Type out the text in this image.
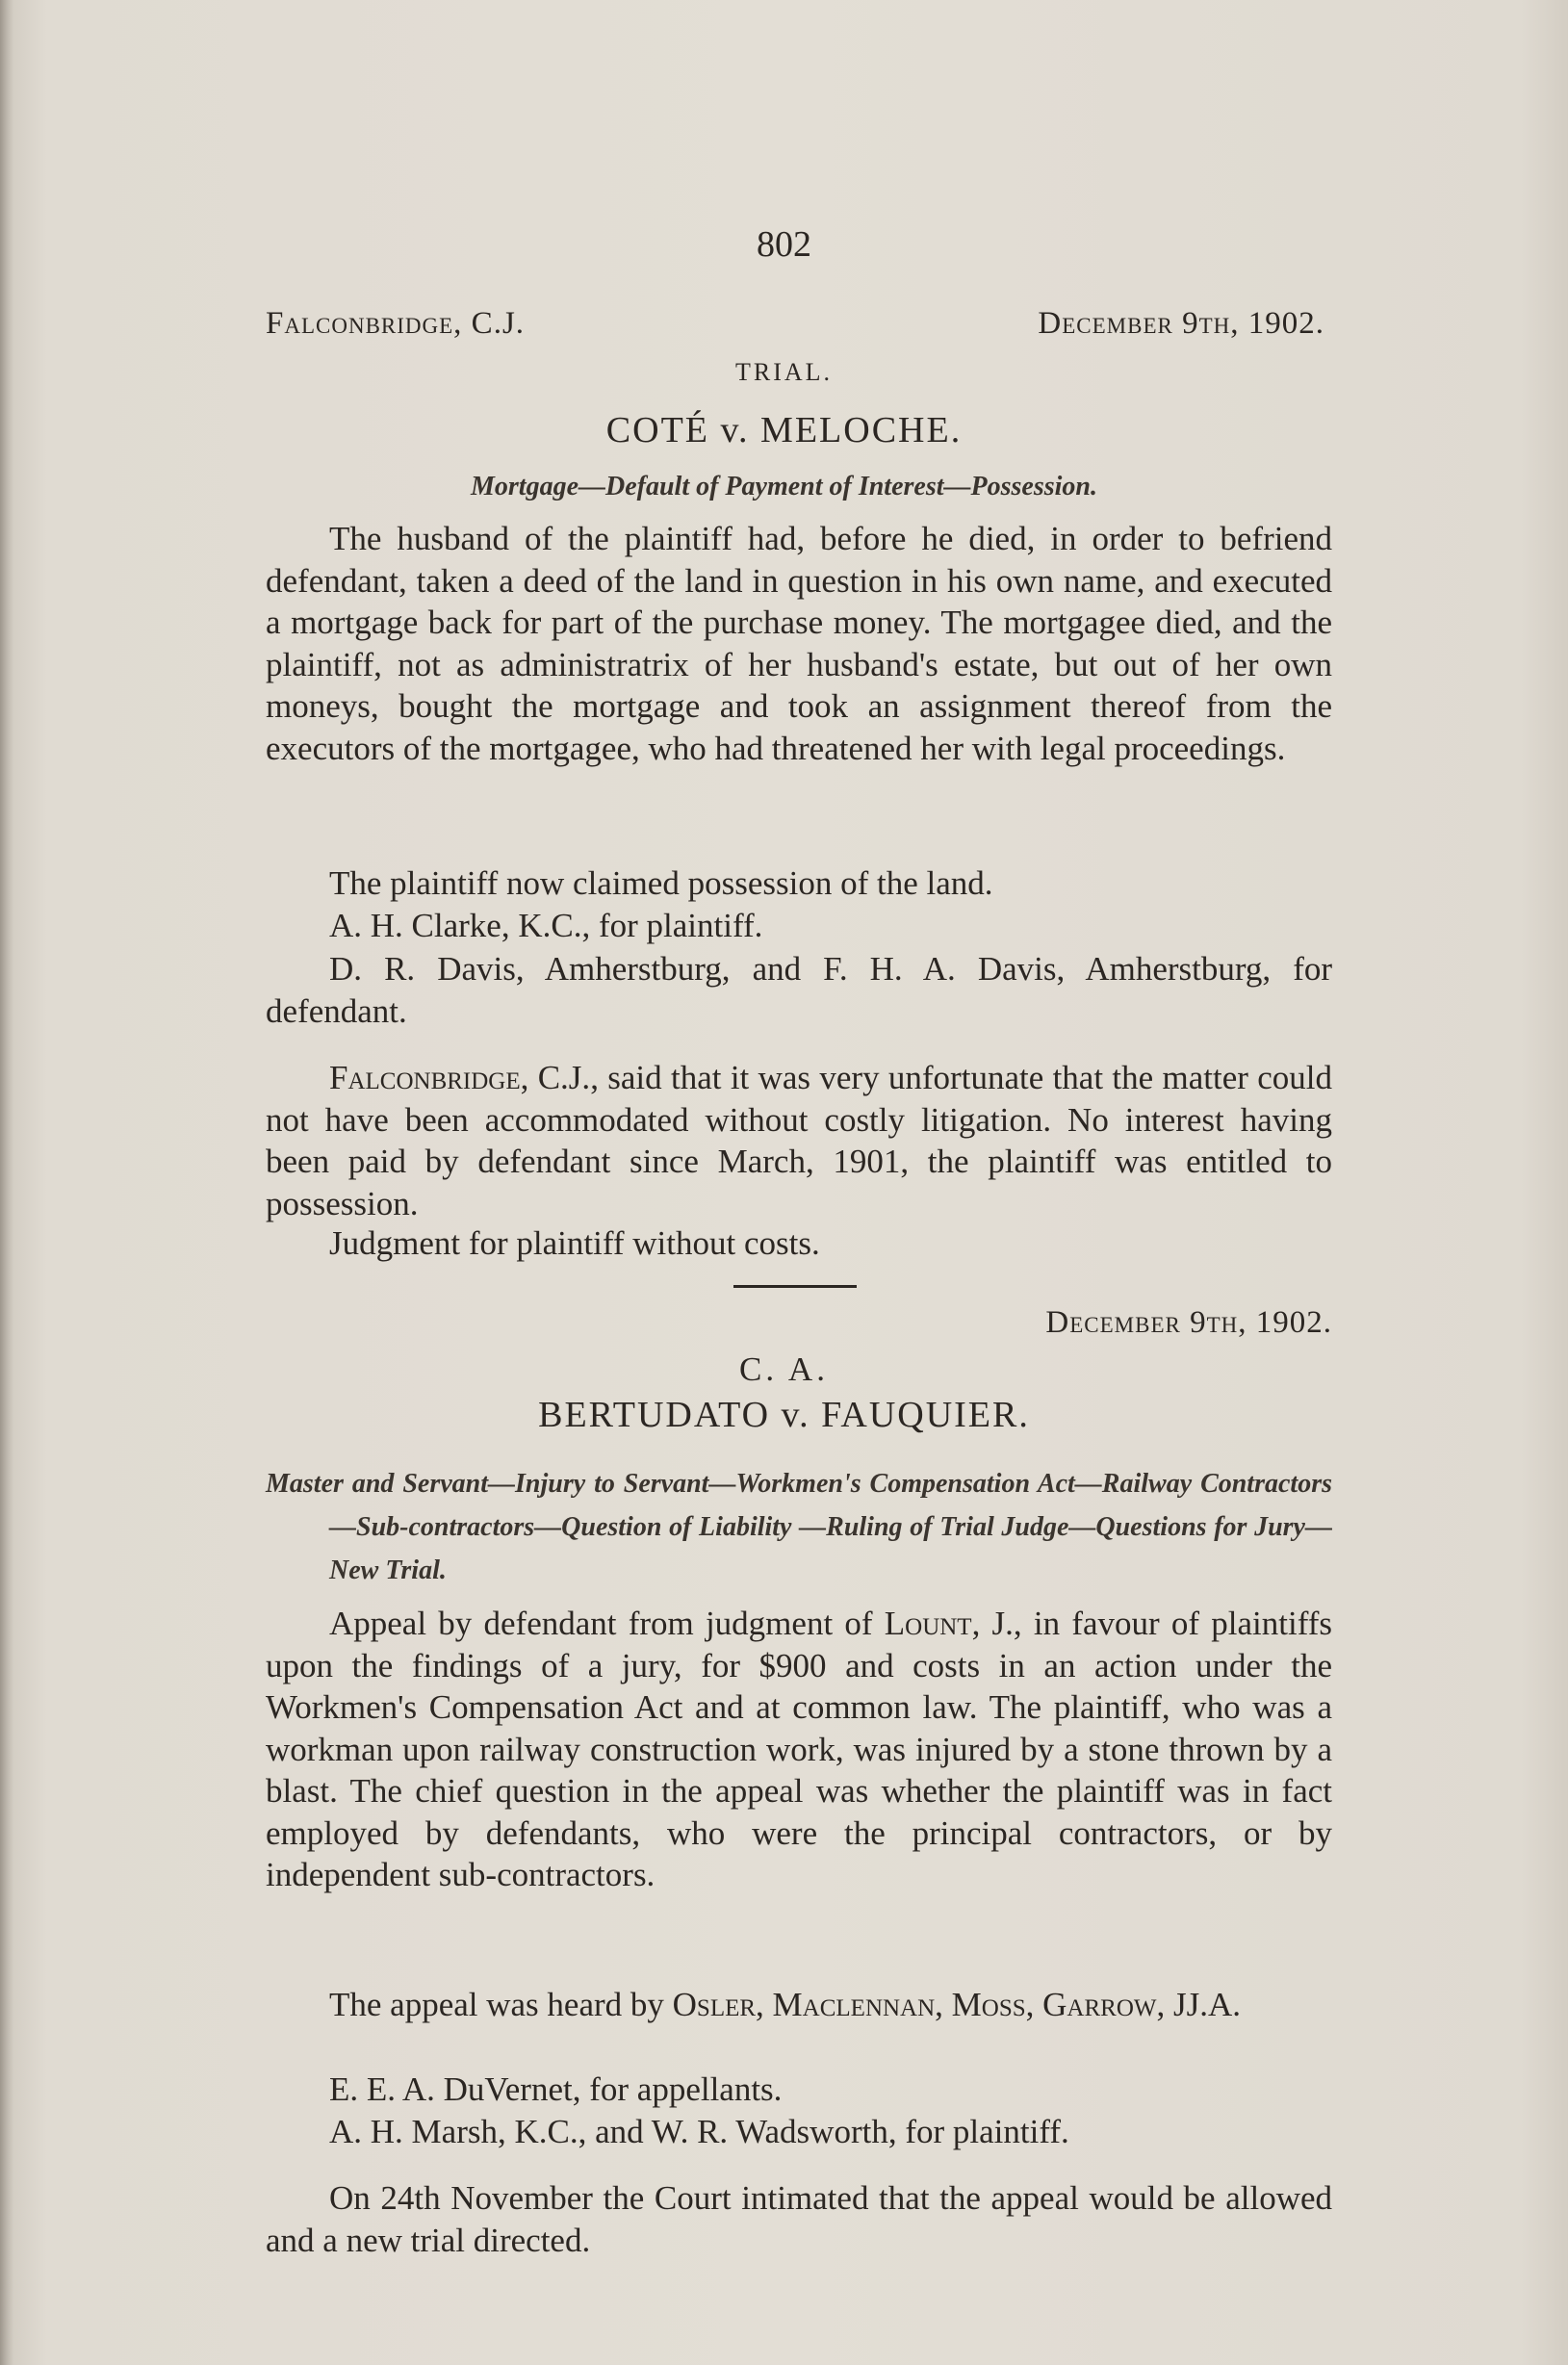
802
Falconbridge, C.J.	December 9th, 1902.
TRIAL.
COTÉ v. MELOCHE.
Mortgage—Default of Payment of Interest—Possession.

The husband of the plaintiff had, before he died, in order to befriend defendant, taken a deed of the land in question in his own name, and executed a mortgage back for part of the purchase money. The mortgagee died, and the plaintiff, not as administratrix of her husband's estate, but out of her own moneys, bought the mortgage and took an assignment thereof from the executors of the mortgagee, who had threatened her with legal proceedings.

The plaintiff now claimed possession of the land.

A. H. Clarke, K.C., for plaintiff.

D. R. Davis, Amherstburg, and F. H. A. Davis, Amherstburg, for defendant.

Falconbridge, C.J., said that it was very unfortunate that the matter could not have been accommodated without costly litigation. No interest having been paid by defendant since March, 1901, the plaintiff was entitled to possession.

Judgment for plaintiff without costs.

December 9th, 1902.
C. A.
BERTUDATO v. FAUQUIER.
Master and Servant—Injury to Servant—Workmen's Compensation Act—Railway Contractors—Sub-contractors—Question of Liability —Ruling of Trial Judge—Questions for Jury—New Trial.

Appeal by defendant from judgment of Lount, J., in favour of plaintiffs upon the findings of a jury, for $900 and costs in an action under the Workmen's Compensation Act and at common law. The plaintiff, who was a workman upon railway construction work, was injured by a stone thrown by a blast. The chief question in the appeal was whether the plaintiff was in fact employed by defendants, who were the principal contractors, or by independent sub-contractors.

The appeal was heard by Osler, Maclennan, Moss, Garrow, JJ.A.

E. E. A. DuVernet, for appellants.

A. H. Marsh, K.C., and W. R. Wadsworth, for plaintiff.

On 24th November the Court intimated that the appeal would be allowed and a new trial directed.
